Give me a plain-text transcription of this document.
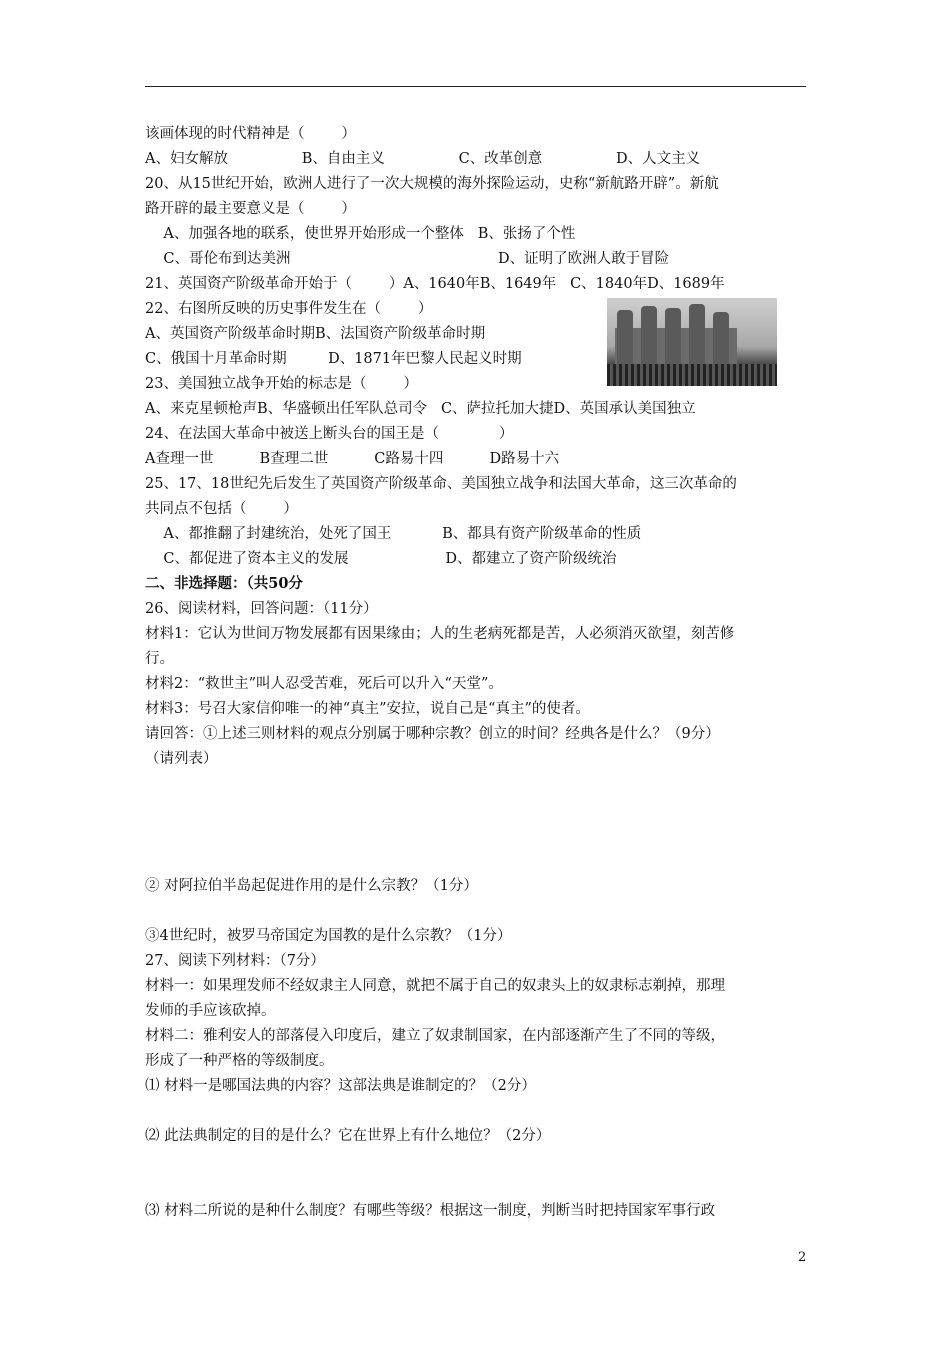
该画体现的时代精神是（        ）
A、妇女解放                B、自由主义                C、改革创意                D、人文主义
20、从15世纪开始，欧洲人进行了一次大规模的海外探险运动，史称“新航路开辟”。新航
路开辟的最主要意义是（        ）
A、加强各地的联系，使世界开始形成一个整体   B、张扬了个性
C、哥伦布到达美洲                                             D、证明了欧洲人敢于冒险
21、英国资产阶级革命开始于（        ）A、1640年B、1649年   C、1840年D、1689年
22、右图所反映的历史事件发生在（        ）
A、英国资产阶级革命时期B、法国资产阶级革命时期
C、俄国十月革命时期         D、1871年巴黎人民起义时期
23、美国独立战争开始的标志是（        ）
A、来克星顿枪声B、华盛顿出任军队总司令   C、萨拉托加大捷D、英国承认美国独立
24、在法国大革命中被送上断头台的国王是（             ）
A查理一世          B查理二世          C路易十四          D路易十六
25、17、18世纪先后发生了英国资产阶级革命、美国独立战争和法国大革命，这三次革命的
共同点不包括（        ）
A、都推翻了封建统治，处死了国王           B、都具有资产阶级革命的性质
C、都促进了资本主义的发展                     D、都建立了资产阶级统治
二、非选择题：（共50分
26、阅读材料，回答问题：（11分）
材料1：它认为世间万物发展都有因果缘由；人的生老病死都是苦，人必须消灭欲望，刻苦修
行。
材料2：“救世主”叫人忍受苦难，死后可以升入“天堂”。
材料3：号召大家信仰唯一的神“真主”安拉，说自己是“真主”的使者。
请回答：①上述三则材料的观点分别属于哪种宗教？创立的时间？经典各是什么？（9分）
（请列表）
② 对阿拉伯半岛起促进作用的是什么宗教？（1分）
③4世纪时，被罗马帝国定为国教的是什么宗教？（1分）
27、阅读下列材料：（7分）
材料一：如果理发师不经奴隶主人同意，就把不属于自己的奴隶头上的奴隶标志剃掉，那理
发师的手应该砍掉。
材料二：雅利安人的部落侵入印度后，建立了奴隶制国家，在内部逐渐产生了不同的等级，
形成了一种严格的等级制度。
⑴ 材料一是哪国法典的内容？这部法典是谁制定的？（2分）
⑵ 此法典制定的目的是什么？它在世界上有什么地位？（2分）
⑶ 材料二所说的是种什么制度？有哪些等级？根据这一制度，判断当时把持国家军事行政
2
